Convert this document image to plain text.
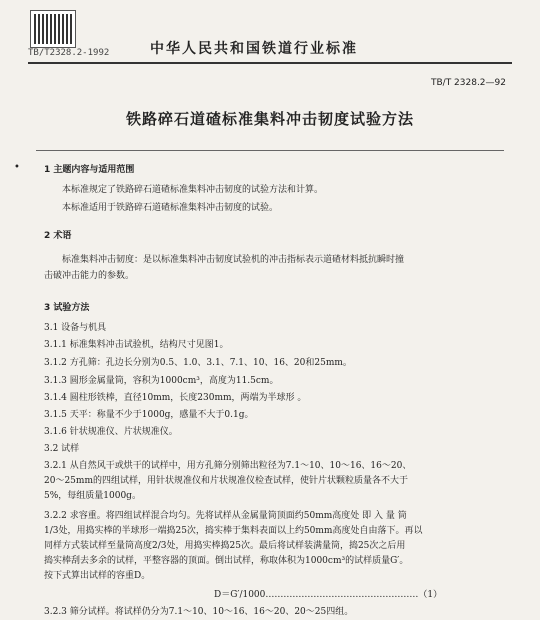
TB/T2328.2-1992	中华人民共和国铁道行业标准
TB/T 2328.2—92
铁路碎石道碴标准集料冲击韧度试验方法
•	1 主题内容与适用范围
本标准规定了铁路碎石道碴标准集料冲击韧度的试验方法和计算。
本标准适用于铁路碎石道碴标准集料冲击韧度的试验。
2 术语
标准集料冲击韧度：是以标准集料冲击韧度试验机的冲击指标表示道碴材料抵抗瞬时撞
击破冲击能力的参数。
3 试验方法
3.1 设备与机具
3.1.1 标准集料冲击试验机，结构尺寸见图1。
3.1.2 方孔筛：孔边长分别为0.5、1.0、3.1、7.1、10、16、20和25mm。
3.1.3 圆形金属量筒，容积为1000cm³，高度为11.5cm。
3.1.4 圆柱形铁棒，直径10mm，长度230mm，两端为半球形 。
3.1.5 天平：称量不少于1000g，感量不大于0.1g。
3.1.6 针状规准仪、片状规准仪。
3.2 试样
3.2.1 从自然风干或烘干的试样中，用方孔筛分别筛出粒径为7.1～10、10～16、16～20、
20～25mm的四组试样，用针状规准仪和片状规准仪检查试样，使针片状颗粒质量各不大于
5%，每组质量1000g。
3.2.2 求容重。将四组试样混合均匀。先将试样从金属量筒顶面约50mm高度处 即 入 量 筒
1/3处，用捣实棒的半球形一端捣25次，捣实棒于集料表面以上约50mm高度处自由落下。再以
同样方式装试样至量筒高度2/3处，用捣实棒捣25次。最后将试样装满量筒，捣25次之后用
捣实棒刮去多余的试样，平整容器的顶面。倒出试样，称取体积为1000cm³的试样质量G′。
按下式算出试样的容重D。
D＝G′/1000……………………………………………（1）
3.2.3 筛分试样。将试样仍分为7.1～10、10～16、16～20、20～25四组。
